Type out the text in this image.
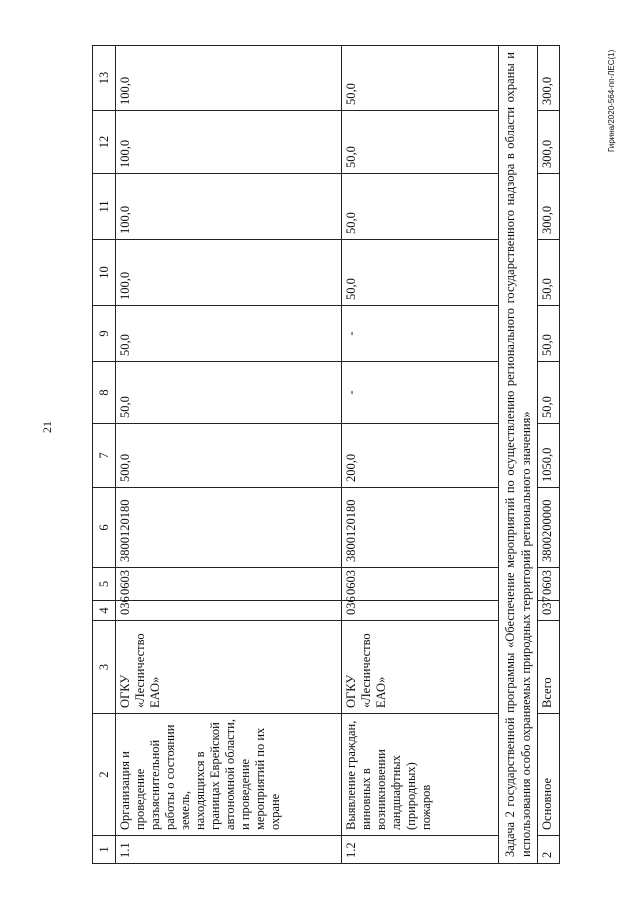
21
Гирина/2020-564-пп-ЛЕС(1)
1	2	3	4	5	6	7	8	9	10	11	12	13
1.1	Организация и проведение разъяснительной работы о состоянии земель, находящихся в границах Еврейской автономной области, и проведение мероприятий по их охране	ОГКУ «Лесничество ЕАО»	036	0603	3800120180	500,0	50,0	50,0	100,0	100,0	100,0	100,0
1.2	Выявление граждан, виновных в возникновении ландшафтных (природных) пожаров	ОГКУ «Лесничество ЕАО»	036	0603	3800120180	200,0	-	-	50,0	50,0	50,0	50,0
Задача 2 государственной программы «Обеспечение мероприятий по осуществлению регионального государственного надзора в области охраны и использования особо охраняемых природных территорий регионального значения»												
2	Основное	Всего	037	0603	3800200000	1050,0	50,0	50,0	50,0	300,0	300,0	300,0
